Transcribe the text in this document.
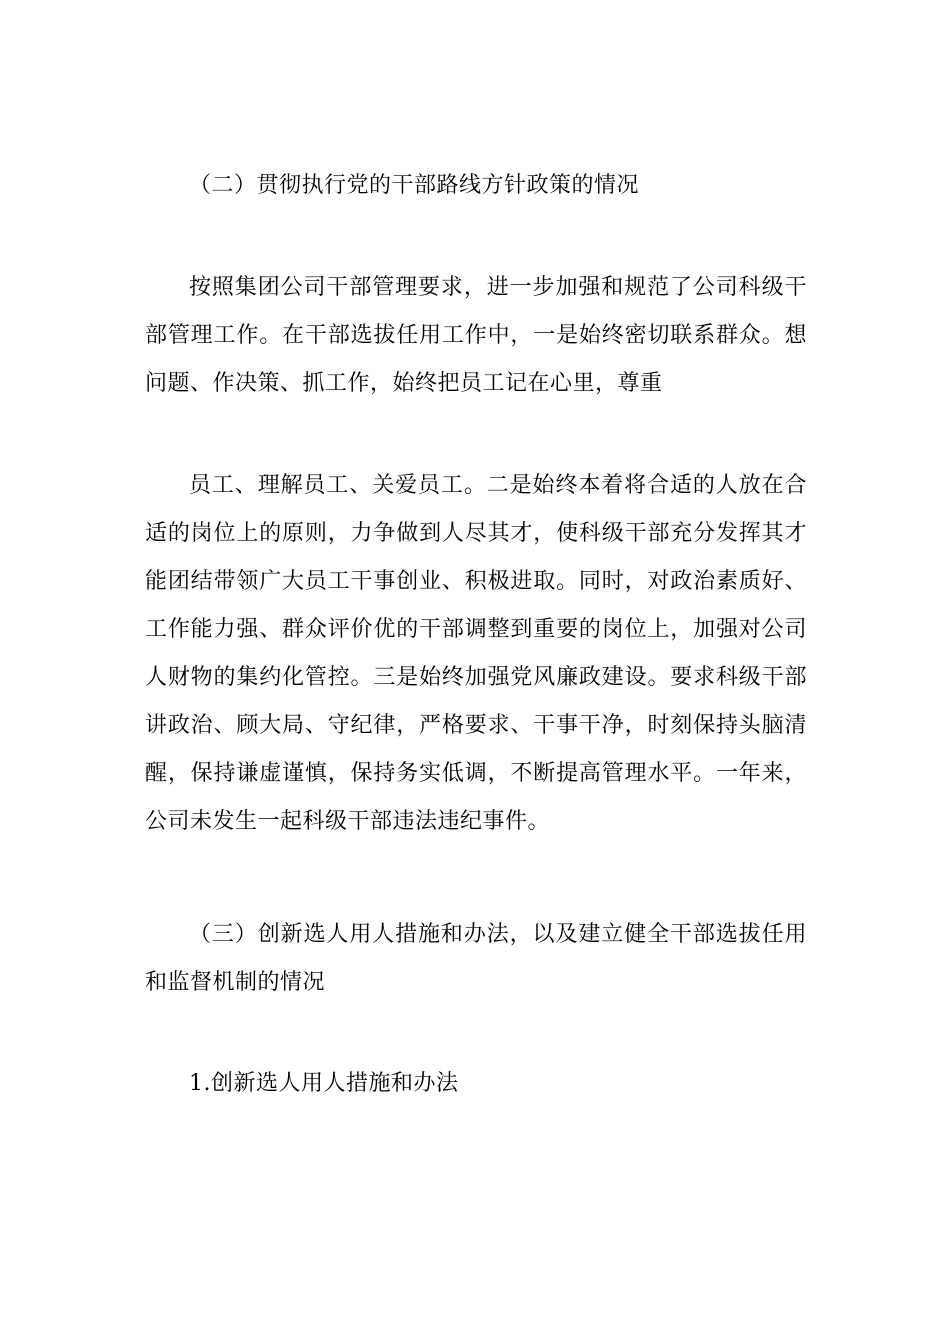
（二）贯彻执行党的干部路线方针政策的情况

按照集团公司干部管理要求，进一步加强和规范了公司科级干部管理工作。在干部选拔任用工作中，一是始终密切联系群众。想问题、作决策、抓工作，始终把员工记在心里，尊重

员工、理解员工、关爱员工。二是始终本着将合适的人放在合适的岗位上的原则，力争做到人尽其才，使科级干部充分发挥其才能团结带领广大员工干事创业、积极进取。同时，对政治素质好、工作能力强、群众评价优的干部调整到重要的岗位上，加强对公司人财物的集约化管控。三是始终加强党风廉政建设。要求科级干部讲政治、顾大局、守纪律，严格要求、干事干净，时刻保持头脑清醒，保持谦虚谨慎，保持务实低调，不断提高管理水平。一年来，公司未发生一起科级干部违法违纪事件。

（三）创新选人用人措施和办法，以及建立健全干部选拔任用和监督机制的情况

1.创新选人用人措施和办法
